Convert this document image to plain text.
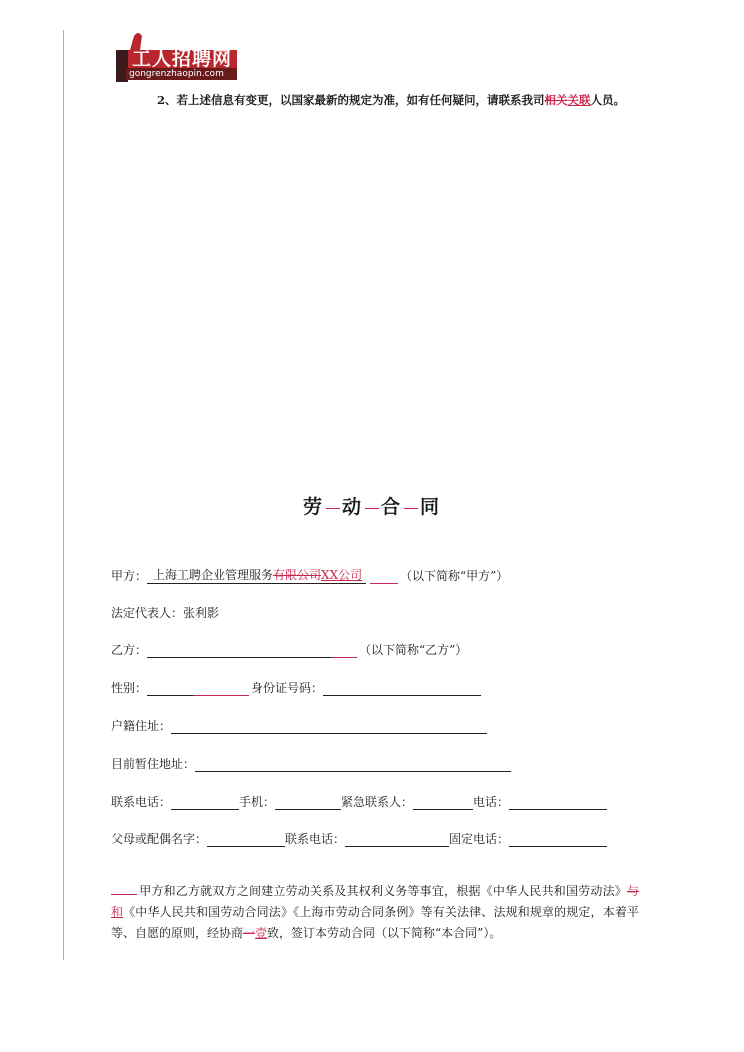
工人招聘网
gongrenzhaopin.com
2、若上述信息有变更，以国家最新的规定为准，如有任何疑问，请联系我司相关关联人员。
劳 动 合 同
甲方： 上海工聘企业管理服务有限公司XX公司	（以下简称“甲方”）
法定代表人： 张利影
乙方：	（以下简称“乙方”）
性别：	身份证号码：
户籍住址：
目前暂住地址：
联系电话：	手机：	紧急联系人：	电话：
父母或配偶名字：	联系电话：	固定电话：
甲方和乙方就双方之间建立劳动关系及其权利义务等事宜，根据《中华人民共和国劳动法》与和《中华人民共和国劳动合同法》《上海市劳动合同条例》等有关法律、法规和规章的规定，本着平等、自愿的原则，经协商一壹致，签订本劳动合同（以下简称“本合同”）。
